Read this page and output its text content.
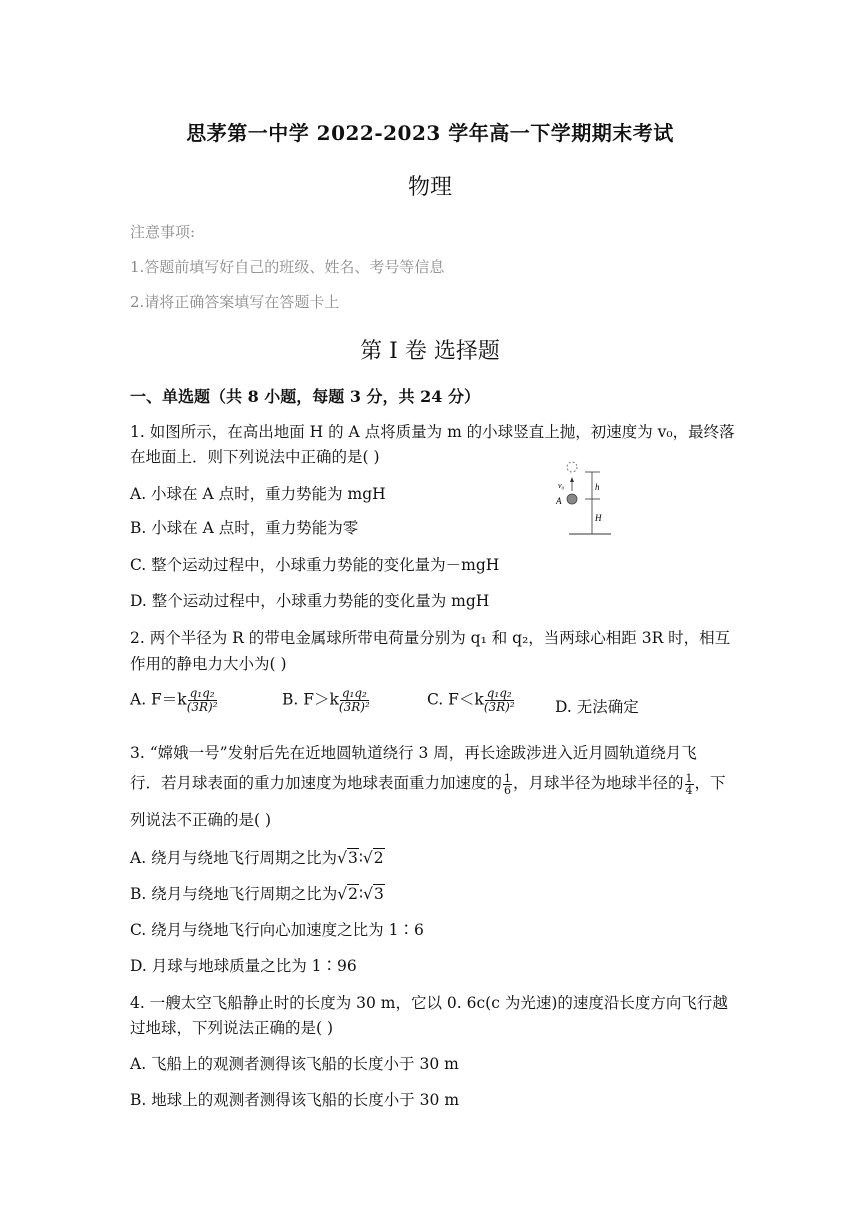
思茅第一中学 2022-2023 学年高一下学期期末考试
物理
注意事项:
1.答题前填写好自己的班级、姓名、考号等信息
2.请将正确答案填写在答题卡上
第 I 卷 选择题
一、单选题（共 8 小题，每题 3 分，共 24 分）
1. 如图所示，在高出地面 H 的 A 点将质量为 m 的小球竖直上抛，初速度为 v₀，最终落
在地面上．则下列说法中正确的是( )
A. 小球在 A 点时，重力势能为 mgH
B. 小球在 A 点时，重力势能为零
C. 整个运动过程中，小球重力势能的变化量为－mgH
D. 整个运动过程中，小球重力势能的变化量为 mgH
v₀
A
h
H
2. 两个半径为 R 的带电金属球所带电荷量分别为 q₁ 和 q₂，当两球心相距 3R 时，相互
作用的静电力大小为( )
A. $F=k \frac{\text{q₁q₂}}{\text{(3R)²}}$	B. $F>k \frac{\text{q₁q₂}}{\text{(3R)²}}$	C. $F<k \frac{\text{q₁q₂}}{\text{(3R)²}}$	D. 无法确定
3. “嫦娥一号”发射后先在近地圆轨道绕行 3 周，再长途跋涉进入近月圆轨道绕月飞
行．若月球表面的重力加速度为地球表面重力加速度的 $\frac{1}{6}$ ，月球半径为地球半径的 $\frac{1}{4}$ ，下
列说法不正确的是( )
A. 绕月与绕地飞行周期之比为√3∶√2
B. 绕月与绕地飞行周期之比为√2∶√3
C. 绕月与绕地飞行向心加速度之比为 1∶6
D. 月球与地球质量之比为 1∶96
4. 一艘太空飞船静止时的长度为 30 m，它以 0. 6c(c 为光速)的速度沿长度方向飞行越
过地球，下列说法正确的是( )
A. 飞船上的观测者测得该飞船的长度小于 30 m
B. 地球上的观测者测得该飞船的长度小于 30 m
